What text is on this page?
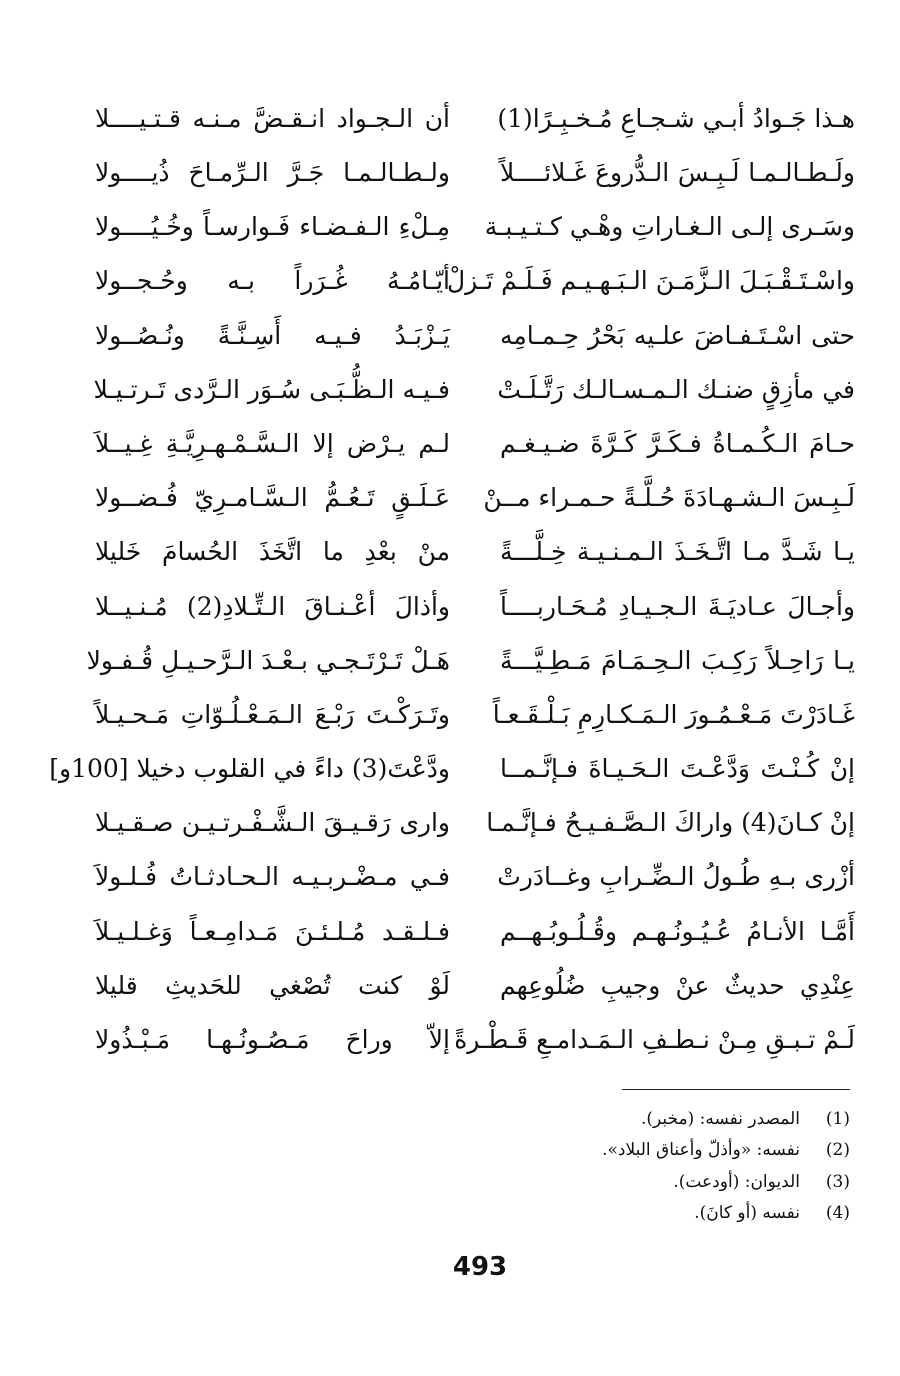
هـذا جَـوادُ أبـي شـجـاعِ مُـخـبِـرًا(1)
أن الـجـواد انـقـضَّ مـنـه قـتـيــــلا
ولَـطـالـمـا لَـبِـسَ الـدُّروعَ غَـلائــــلاً
ولـطـالـمـا جَـرَّ الـرِّمـاحَ ذُيــــولا
وسَـرى إلـى الـغـاراتِ وهْـي كـتـيـبـة
مِـلْءِ الـفـضـاء فَـوارسـاً وخُـيُــــولا
واسْـتَـقْـبَـلَ الـزَّمَـنَ الـبَـهـيـم فَـلَـمْ تَـزلْ
أيّـامُـهُ غُـرَراً بـه وحُـجــولا
حتى اسْـتَـفـاضَ علـيه بَحْرُ حِـمـامِه
يَـزْبَـدُ فـيـه أَسِـنَّـةً ونُـصُــولا
في مأزِقٍ ضنـك الـمـسـالـك رَتَّـلَـتْ
فـيـه الـظُّـبَـى سُـوَر الـرَّدى تَـرتـيـلا
حـامَ الـكُـمـاةُ فـكَـرَّ كَـرَّةَ ضـيـغـم
لـم يـرْض إلا الـسَّـمْـهـرِيَّـةِ غِـيــلاَ
لَـبِـسَ الـشـهـادَةَ حُـلَّـةً حـمـراء مــنْ
عَـلَـقٍ تَـعُـمُّ الـسَّـامـرِيّ فُـضــولا
يـا شَـدَّ مـا اتَّـخَـذَ الـمـنـيـة خِـلَّـــةً
منْ بعْدِ ما اتَّخَذَ الحُسامَ خَليلا
وأجـالَ عـاديَـةَ الـجـيـادِ مُـحَـاربــــاً
وأذالَ أعْـنـاقَ الـتِّـلادِ(2) مُـنـيــلا
يـا رَاحِـلاً رَكِـبَ الـحِـمَـامَ مَـطِـيَّـــةً
هَـلْ تَـرْتَـجـي بـعْـدَ الـرَّحـيـلِ قُـفـولا
غَـادَرْتَ مَـعْـمُـورَ الـمَـكـارِمِ بَـلْـقَـعـاً
وتَـرَكْـتَ رَبْـعَ الـمَـعْـلُـوّاتِ مَـحـيـلاً
إنْ كُـنْـتَ وَدَّعْـتَ الـحَـيـاةَ فـإنَّـمــا
ودَّعْتَ(3) داءً في القلوب دخيلا [100و]
إنْ كـانَ(4) واراكَ الـصَّـفـيـحُ فـإنَّـمـا
وارى رَقـيـقَ الـشَّـفْـرتـيـن صـقـيـلا
أزْرى بـهِ طُـولُ الـضِّـرابِ وغــادَرتْ
فـي مـضْـربـيـه الـحـادثـاتُ فُـلـولاَ
أَمَّـا الأنـامُ عُـيُـونُـهـم وقُـلُـوبُـهــم
فـلـقـد مُـلـئـنَ مَـدامِـعـاً وَغـلـيـلاَ
عِنْدِي حديثٌ عنْ وجيبِ ضُلُوعِهم
لَوْ كنت تُصْغي للحَديثِ قليلا
لَـمْ تـبـقِ مِـنْ نـطـفِ الـمَـدامـعِ قَـطْـرةً
إلاّ وراحَ مَـصُـونُـهـا مَـبْـذُولا
(1)
المصدر نفسه: (مخبر).
(2)
نفسه: «وأذلّ وأعناق البلاد».
(3)
الديوان: (أودعت).
(4)
نفسه (أو كانَ).
493
